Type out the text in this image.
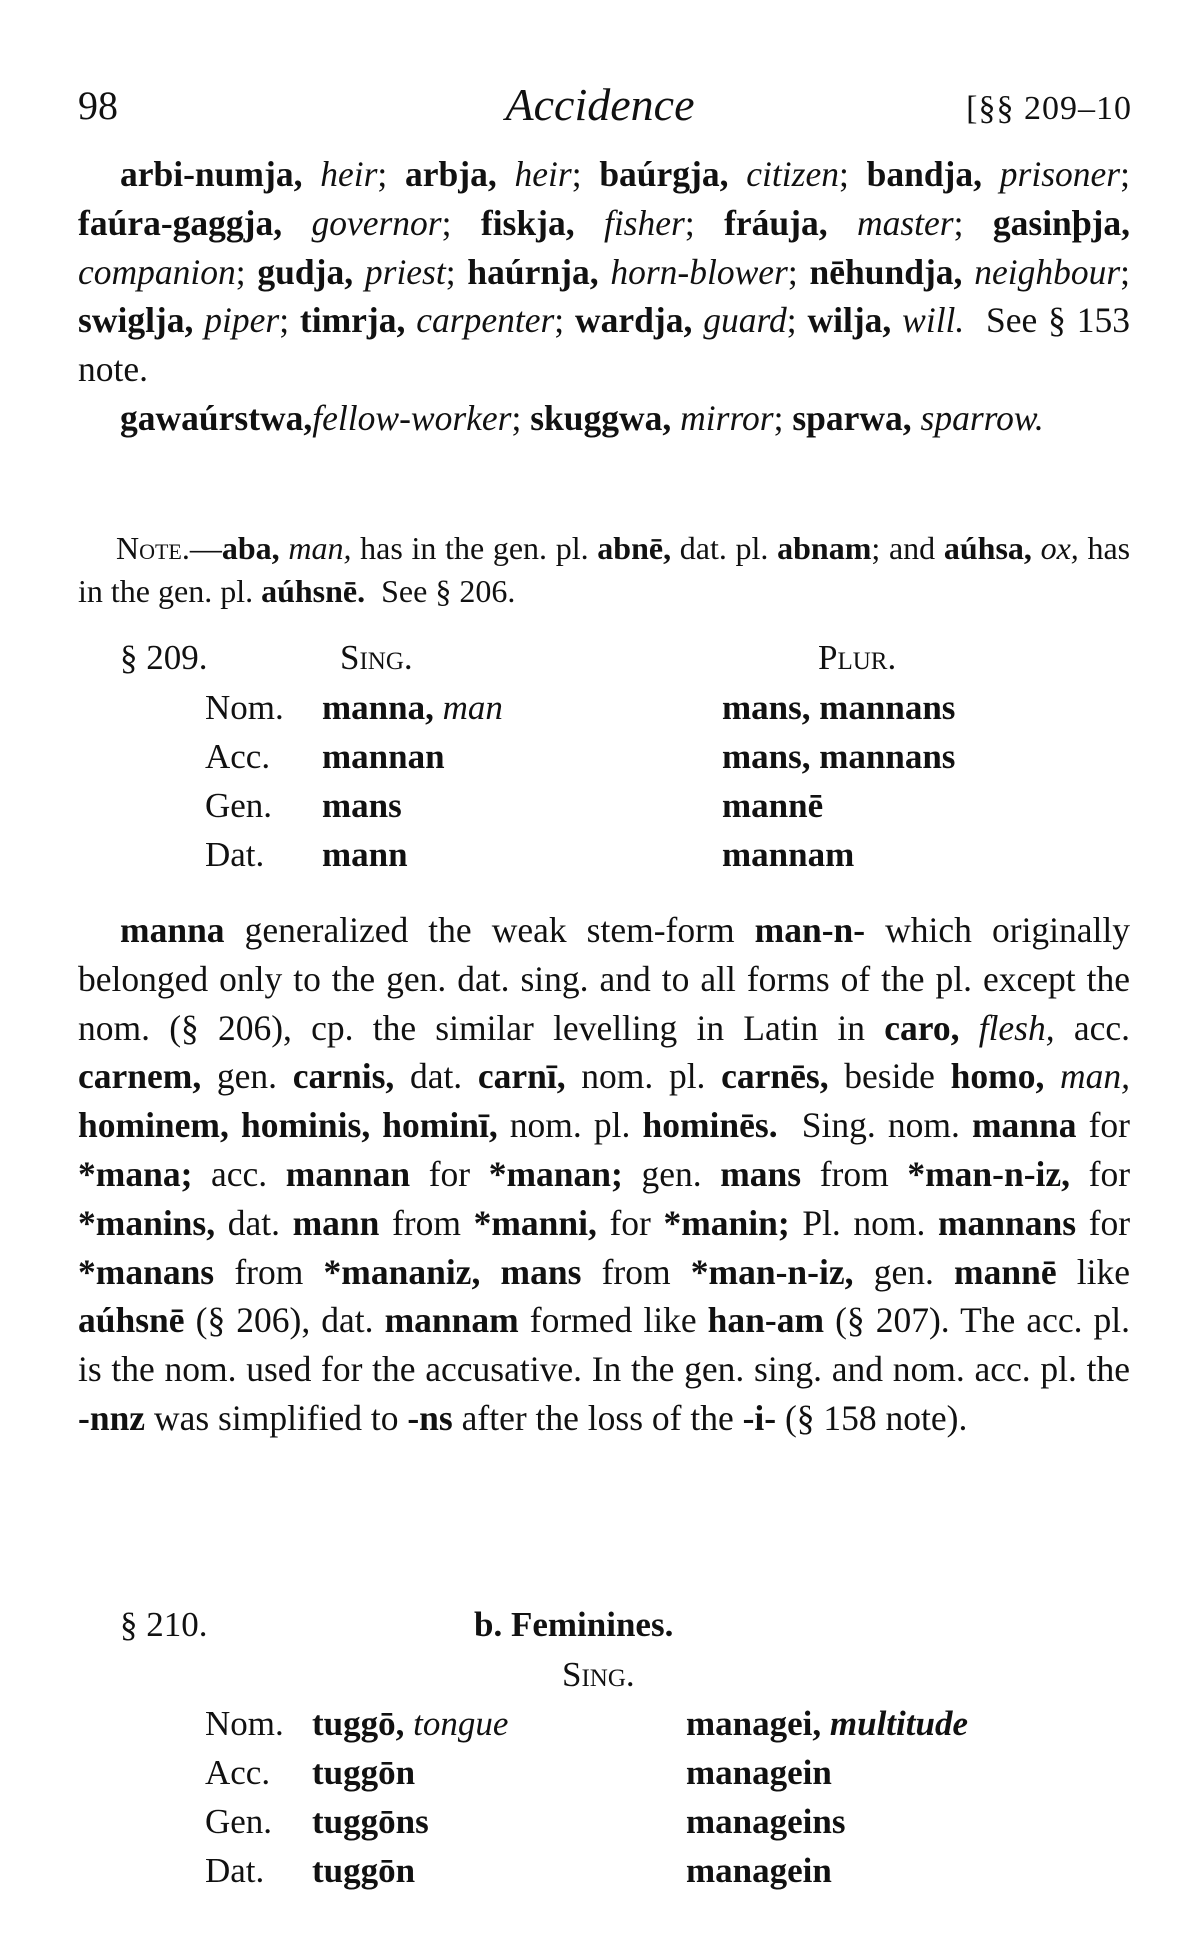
98	Accidence	[§§ 209–10
arbi-numja, heir; arbja, heir; baúrgja, citizen; bandja, prisoner; faúra-gaggja, governor; fiskja, fisher; fráuja, master; gasinþja, companion; gudja, priest; haúrnja, horn-blower; nēhundja, neighbour; swiglja, piper; timrja, carpenter; wardja, guard; wilja, will. See § 153 note.
gawaúrstwa,fellow-worker; skuggwa, mirror; sparwa, sparrow.
Note.—aba, man, has in the gen. pl. abnē, dat. pl. abnam; and aúhsa, ox, has in the gen. pl. aúhsnē. See § 206.
§ 209.	Sing.	Plur.
Nom. manna, man	mans, mannans
Acc. mannan	mans, mannans
Gen. mans	mannē
Dat. mann	mannam
manna generalized the weak stem-form man-n- which originally belonged only to the gen. dat. sing. and to all forms of the pl. except the nom. (§ 206), cp. the similar levelling in Latin in caro, flesh, acc. carnem, gen. carnis, dat. carnī, nom. pl. carnēs, beside homo, man, hominem, hominis, hominī, nom. pl. hominēs. Sing. nom. manna for *mana; acc. mannan for *manan; gen. mans from *man-n-iz, for *manins, dat. mann from *manni, for *manin; Pl. nom. mannans for *manans from *mananiz, mans from *man-n-iz, gen. mannē like aúhsnē (§ 206), dat. mannam formed like han-am (§ 207). The acc. pl. is the nom. used for the accusative. In the gen. sing. and nom. acc. pl. the -nnz was simplified to -ns after the loss of the -i- (§ 158 note).
§ 210.	b. Feminines.
Sing.
Nom. tuggō, tongue	managei, multitude
Acc. tuggōn	managein
Gen. tuggōns	manageins
Dat. tuggōn	managein
